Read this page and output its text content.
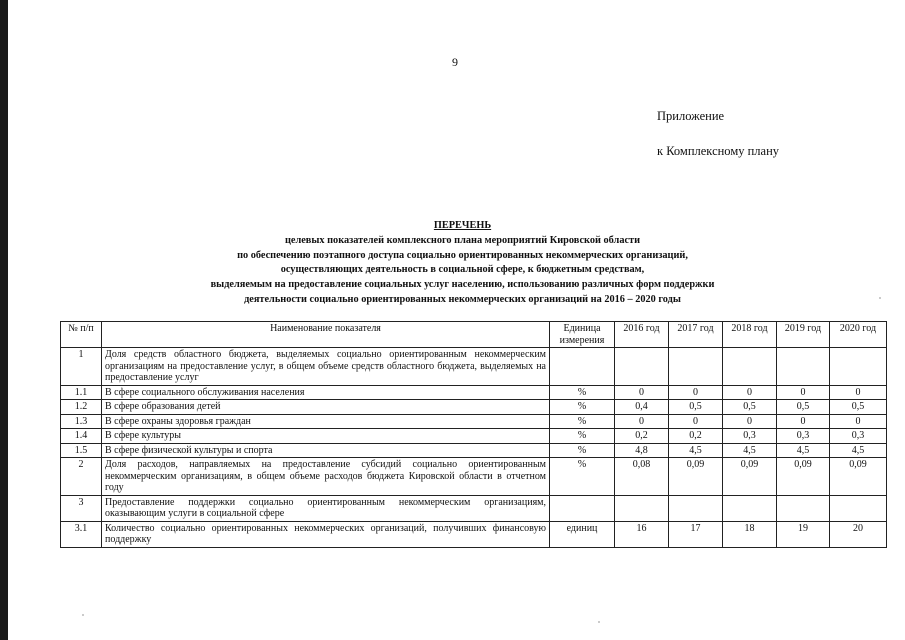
9
Приложение
к Комплексному плану
ПЕРЕЧЕНЬ
целевых показателей комплексного плана мероприятий Кировской области
по обеспечению поэтапного доступа социально ориентированных некоммерческих организаций,
осуществляющих деятельность в социальной сфере, к бюджетным средствам,
выделяемым на предоставление социальных услуг населению, использованию различных форм поддержки
деятельности социально ориентированных некоммерческих организаций на 2016 – 2020 годы
№ п/п	Наименование показателя	Единица измерения	2016 год	2017 год	2018 год	2019 год	2020 год
1	Доля средств областного бюджета, выделяемых социально ориентированным некоммерческим организациям на предоставление услуг, в общем объеме средств областного бюджета, выделяемых на предоставление услуг						
1.1	В сфере социального обслуживания населения	%	0	0	0	0	0
1.2	В сфере образования детей	%	0,4	0,5	0,5	0,5	0,5
1.3	В сфере охраны здоровья граждан	%	0	0	0	0	0
1.4	В сфере культуры	%	0,2	0,2	0,3	0,3	0,3
1.5	В сфере физической культуры и спорта	%	4,8	4,5	4,5	4,5	4,5
2	Доля расходов, направляемых на предоставление субсидий социально ориентированным некоммерческим организациям, в общем объеме расходов бюджета Кировской области в отчетном году	%	0,08	0,09	0,09	0,09	0,09
3	Предоставление поддержки социально ориентированным некоммерческим организациям, оказывающим услуги в социальной сфере						
3.1	Количество социально ориентированных некоммерческих организаций, получивших финансовую поддержку	единиц	16	17	18	19	20
